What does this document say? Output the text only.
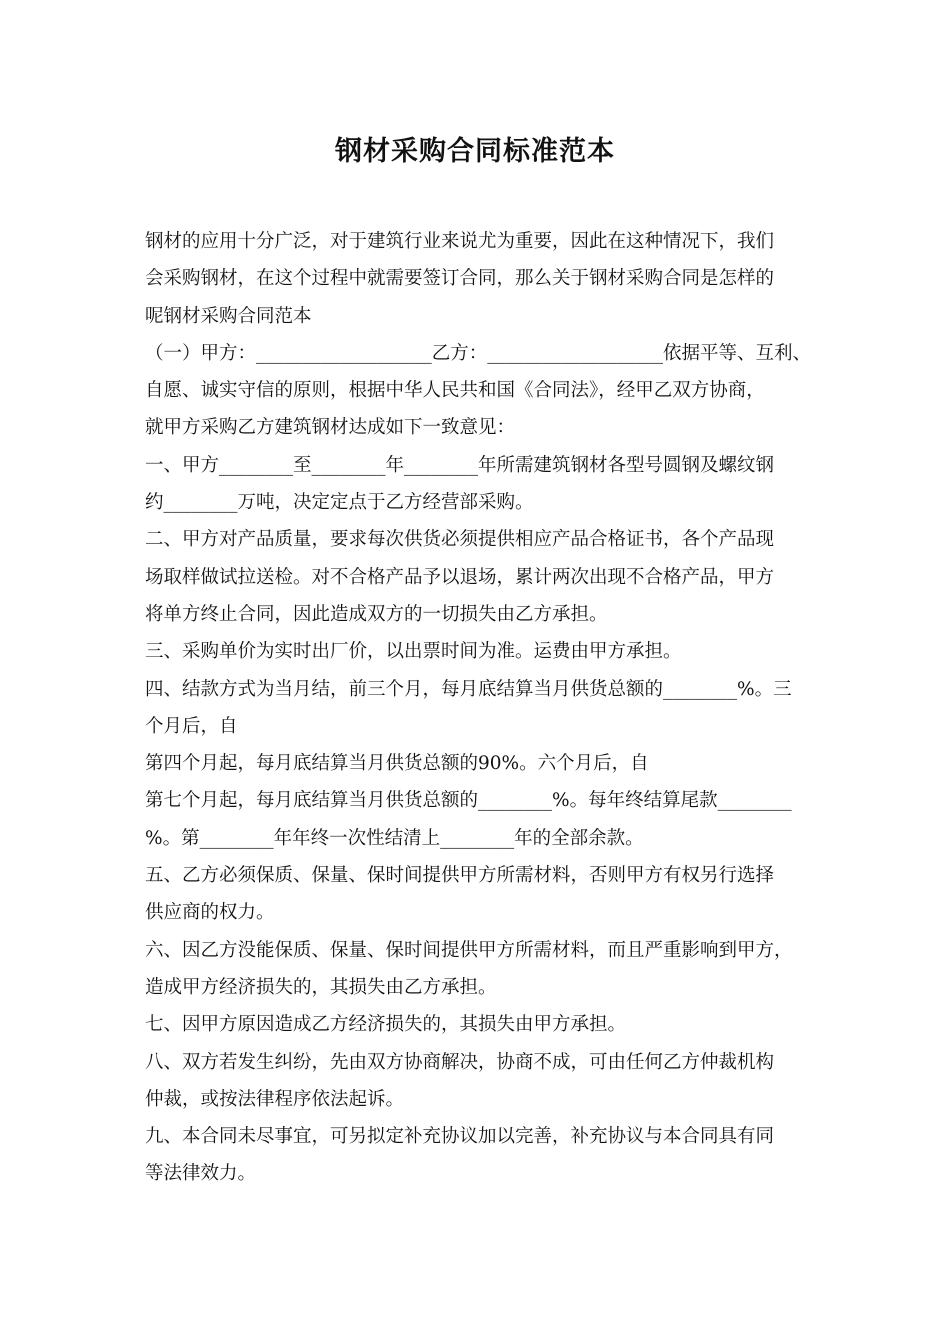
钢材采购合同标准范本
钢材的应用十分广泛，对于建筑行业来说尤为重要，因此在这种情况下，我们
会采购钢材，在这个过程中就需要签订合同，那么关于钢材采购合同是怎样的
呢钢材采购合同范本
（一）甲方：___________________乙方：___________________依据平等、互利、
自愿、诚实守信的原则，根据中华人民共和国《合同法》，经甲乙双方协商，
就甲方采购乙方建筑钢材达成如下一致意见：
一、甲方________至________年________年所需建筑钢材各型号圆钢及螺纹钢
约________万吨，决定定点于乙方经营部采购。
二、甲方对产品质量，要求每次供货必须提供相应产品合格证书，各个产品现
场取样做试拉送检。对不合格产品予以退场，累计两次出现不合格产品，甲方
将单方终止合同，因此造成双方的一切损失由乙方承担。
三、采购单价为实时出厂价，以出票时间为准。运费由甲方承担。
四、结款方式为当月结，前三个月，每月底结算当月供货总额的________%。三
个月后，自
第四个月起，每月底结算当月供货总额的90%。六个月后，自
第七个月起，每月底结算当月供货总额的________%。每年终结算尾款________
%。第________年年终一次性结清上________年的全部余款。
五、乙方必须保质、保量、保时间提供甲方所需材料，否则甲方有权另行选择
供应商的权力。
六、因乙方没能保质、保量、保时间提供甲方所需材料，而且严重影响到甲方，
造成甲方经济损失的，其损失由乙方承担。
七、因甲方原因造成乙方经济损失的，其损失由甲方承担。
八、双方若发生纠纷，先由双方协商解决，协商不成，可由任何乙方仲裁机构
仲裁，或按法律程序依法起诉。
九、本合同未尽事宜，可另拟定补充协议加以完善，补充协议与本合同具有同
等法律效力。
